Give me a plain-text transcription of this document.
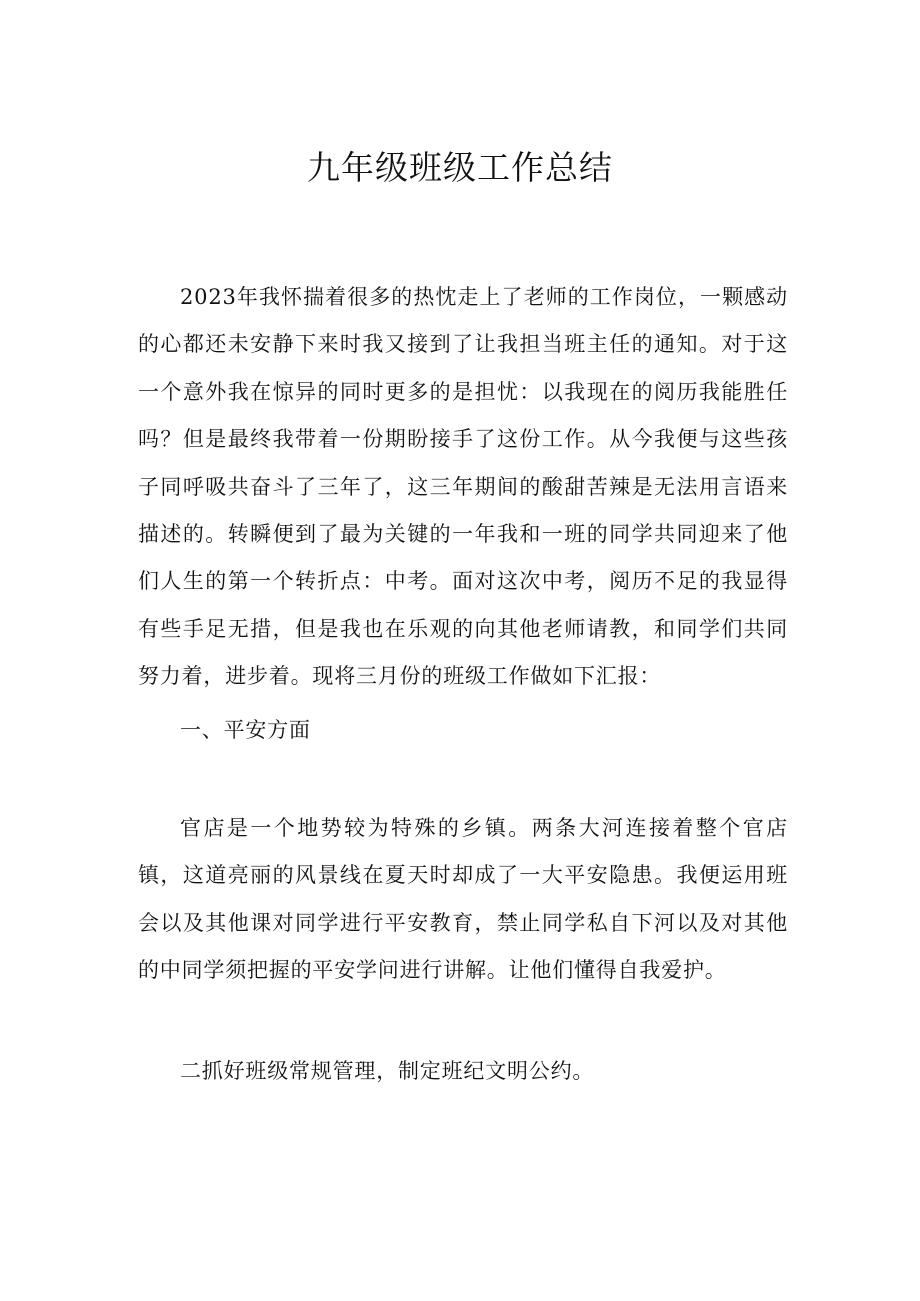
九年级班级工作总结

2023年我怀揣着很多的热忱走上了老师的工作岗位，一颗感动的心都还未安静下来时我又接到了让我担当班主任的通知。对于这一个意外我在惊异的同时更多的是担忧：以我现在的阅历我能胜任吗？但是最终我带着一份期盼接手了这份工作。从今我便与这些孩子同呼吸共奋斗了三年了，这三年期间的酸甜苦辣是无法用言语来描述的。转瞬便到了最为关键的一年我和一班的同学共同迎来了他们人生的第一个转折点：中考。面对这次中考，阅历不足的我显得有些手足无措，但是我也在乐观的向其他老师请教，和同学们共同努力着，进步着。现将三月份的班级工作做如下汇报：

一、平安方面

官店是一个地势较为特殊的乡镇。两条大河连接着整个官店镇，这道亮丽的风景线在夏天时却成了一大平安隐患。我便运用班会以及其他课对同学进行平安教育，禁止同学私自下河以及对其他的中同学须把握的平安学问进行讲解。让他们懂得自我爱护。

二抓好班级常规管理，制定班纪文明公约。
